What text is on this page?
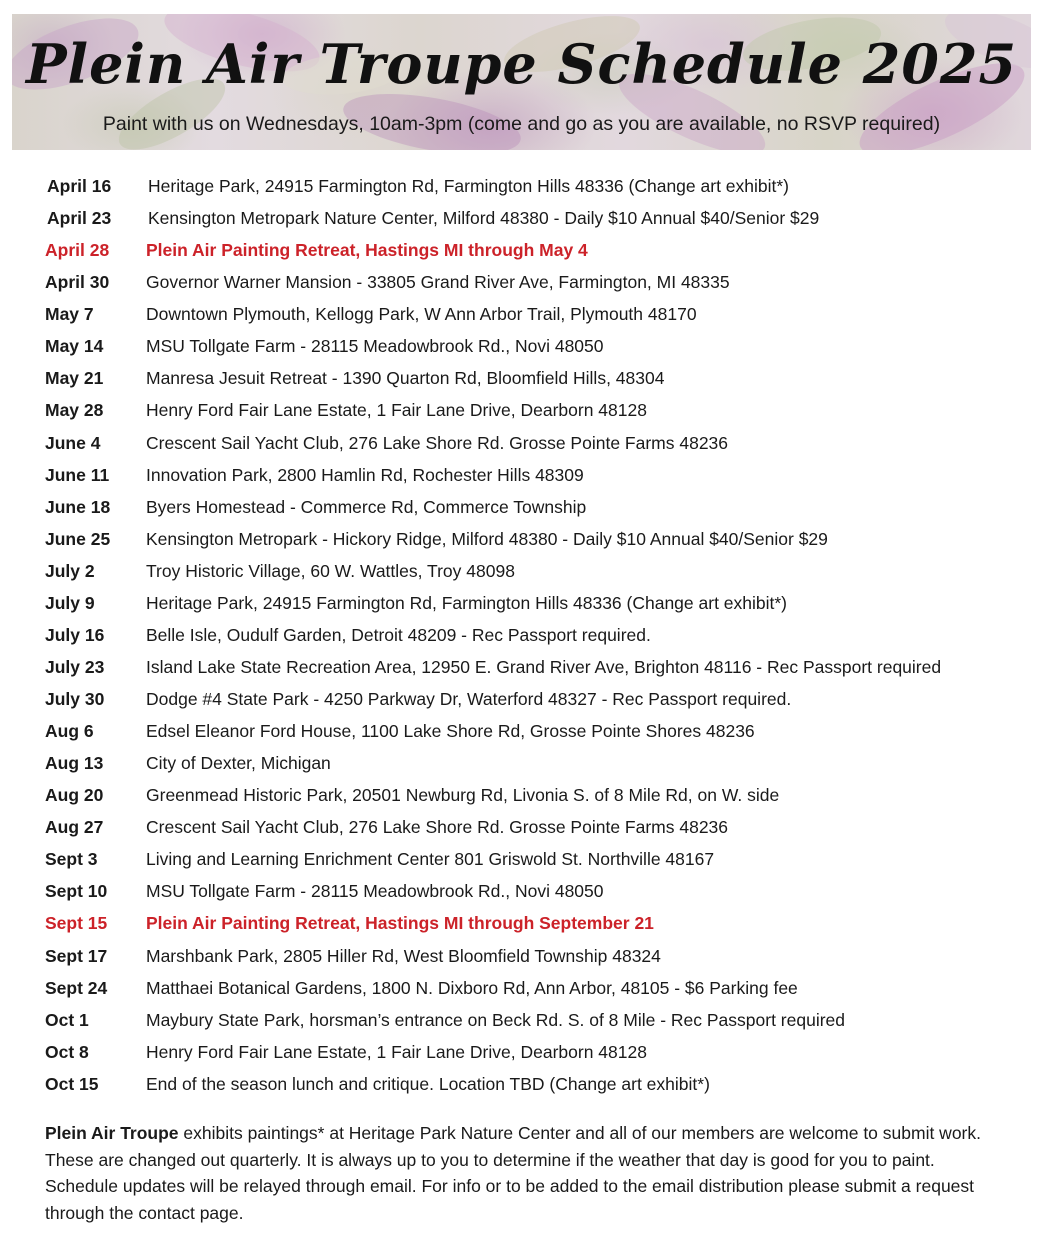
Plein Air Troupe Schedule 2025
Paint with us on Wednesdays, 10am-3pm (come and go as you are available, no RSVP required)
April 16	Heritage Park, 24915 Farmington Rd, Farmington Hills 48336 (Change art exhibit*)
April 23	Kensington Metropark Nature Center, Milford 48380 - Daily $10 Annual $40/Senior $29
April 28	Plein Air Painting Retreat, Hastings MI through May 4
April 30	Governor Warner Mansion - 33805 Grand River Ave, Farmington, MI 48335
May 7	Downtown Plymouth, Kellogg Park, W Ann Arbor Trail, Plymouth 48170
May 14	MSU Tollgate Farm - 28115 Meadowbrook Rd., Novi 48050
May 21	Manresa Jesuit Retreat - 1390 Quarton Rd, Bloomfield Hills, 48304
May 28	Henry Ford Fair Lane Estate, 1 Fair Lane Drive, Dearborn 48128
June 4	Crescent Sail Yacht Club, 276 Lake Shore Rd. Grosse Pointe Farms 48236
June 11	Innovation Park, 2800 Hamlin Rd, Rochester Hills 48309
June 18	Byers Homestead - Commerce Rd, Commerce Township
June 25	Kensington Metropark - Hickory Ridge, Milford 48380 - Daily $10 Annual $40/Senior $29
July 2	Troy Historic Village, 60 W. Wattles, Troy 48098
July 9	Heritage Park, 24915 Farmington Rd, Farmington Hills 48336 (Change art exhibit*)
July 16	Belle Isle, Oudulf Garden, Detroit 48209 - Rec Passport required.
July 23	Island Lake State Recreation Area, 12950 E. Grand River Ave, Brighton 48116 - Rec Passport required
July 30	Dodge #4 State Park - 4250 Parkway Dr, Waterford 48327 - Rec Passport required.
Aug 6	Edsel Eleanor Ford House, 1100 Lake Shore Rd, Grosse Pointe Shores 48236
Aug 13	City of Dexter, Michigan
Aug 20	Greenmead Historic Park, 20501 Newburg Rd, Livonia S. of 8 Mile Rd, on W. side
Aug 27	Crescent Sail Yacht Club, 276 Lake Shore Rd. Grosse Pointe Farms 48236
Sept 3	Living and Learning Enrichment Center 801 Griswold St. Northville 48167
Sept 10	MSU Tollgate Farm - 28115 Meadowbrook Rd., Novi 48050
Sept 15	Plein Air Painting Retreat, Hastings MI through September 21
Sept 17	Marshbank Park, 2805 Hiller Rd, West Bloomfield Township 48324
Sept 24	Matthaei Botanical Gardens, 1800 N. Dixboro Rd, Ann Arbor, 48105 - $6 Parking fee
Oct 1	Maybury State Park, horsman’s entrance on Beck Rd. S. of 8 Mile - Rec Passport required
Oct 8	Henry Ford Fair Lane Estate, 1 Fair Lane Drive, Dearborn 48128
Oct 15	End of the season lunch and critique. Location TBD (Change art exhibit*)
Plein Air Troupe exhibits paintings* at Heritage Park Nature Center and all of our members are welcome to submit work. These are changed out quarterly. It is always up to you to determine if the weather that day is good for you to paint. Schedule updates will be relayed through email. For info or to be added to the email distribution please submit a request through the contact page.
